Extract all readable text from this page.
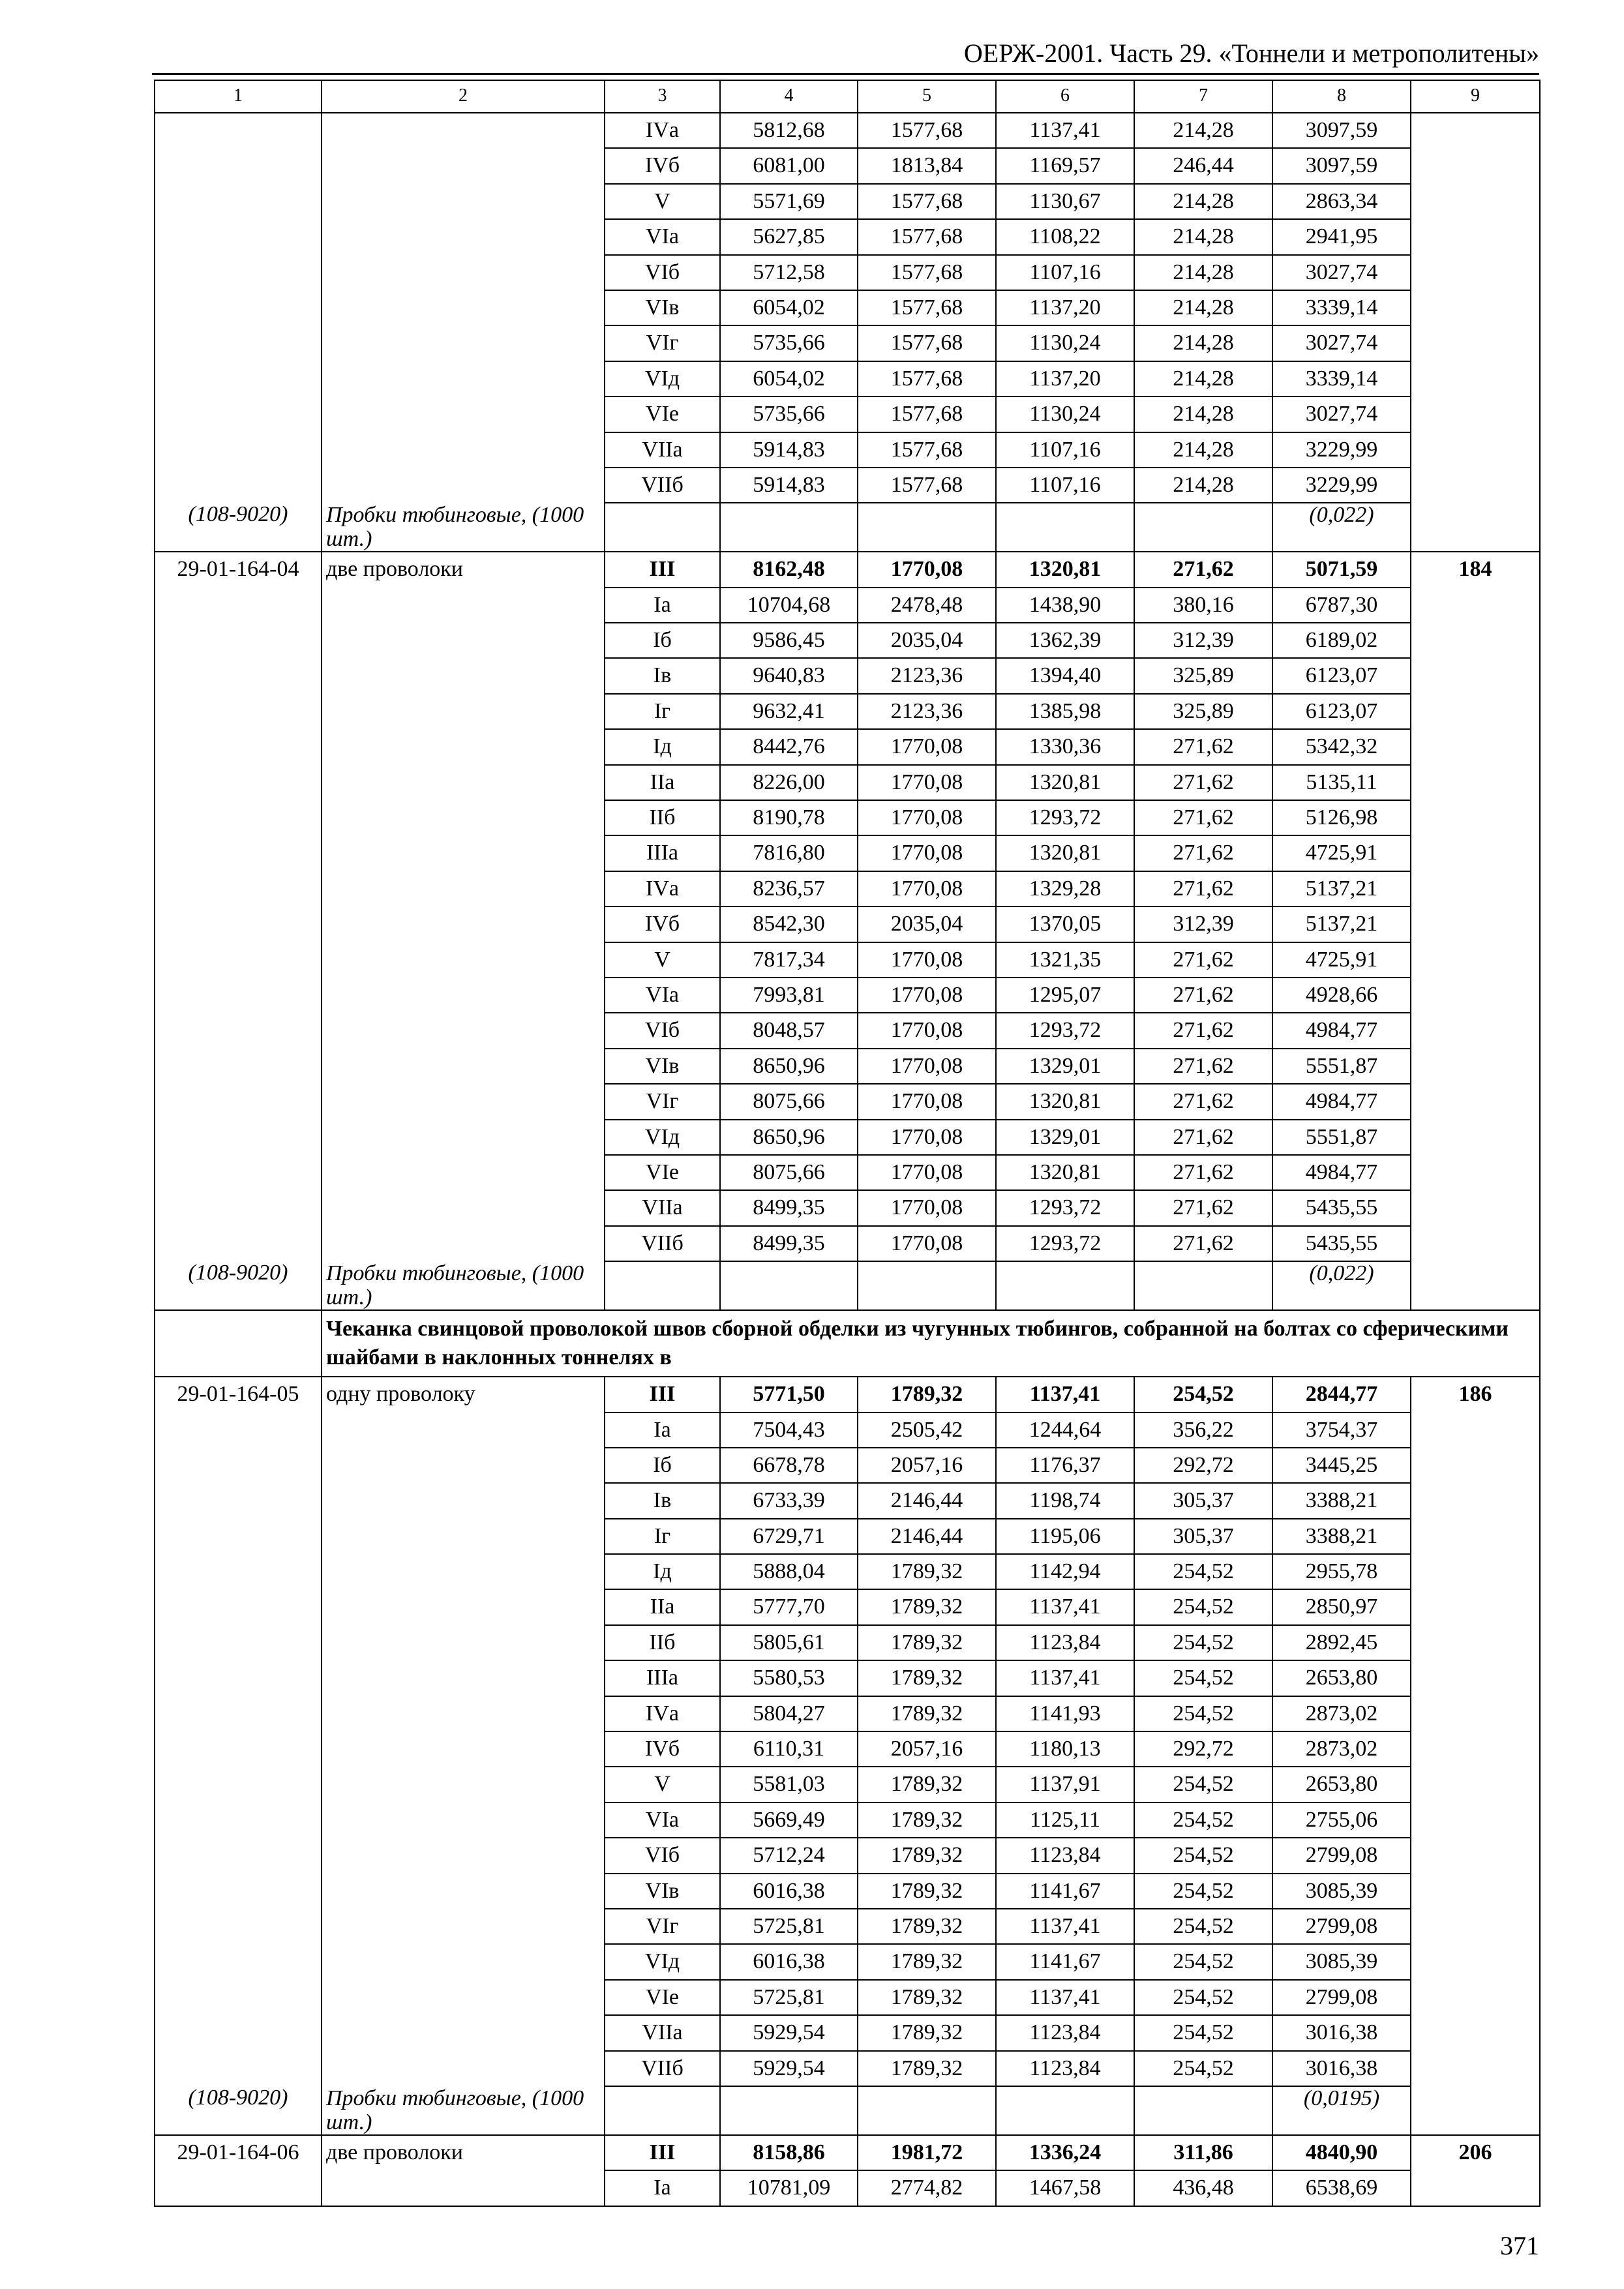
ОЕРЖ-2001. Часть 29. «Тоннели и метрополитены»
1	2	3	4	5	6	7	8	9
		IVа	5812,68	1577,68	1137,41	214,28	3097,59	
		IVб	6081,00	1813,84	1169,57	246,44	3097,59	
		V	5571,69	1577,68	1130,67	214,28	2863,34	
		VIа	5627,85	1577,68	1108,22	214,28	2941,95	
		VIб	5712,58	1577,68	1107,16	214,28	3027,74	
		VIв	6054,02	1577,68	1137,20	214,28	3339,14	
		VIг	5735,66	1577,68	1130,24	214,28	3027,74	
		VIд	6054,02	1577,68	1137,20	214,28	3339,14	
		VIе	5735,66	1577,68	1130,24	214,28	3027,74	
		VIIа	5914,83	1577,68	1107,16	214,28	3229,99	
		VIIб	5914,83	1577,68	1107,16	214,28	3229,99	
(108-9020)	Пробки тюбинговые, (1000 шт.)						(0,022)	
29-01-164-04	две проволоки	III	8162,48	1770,08	1320,81	271,62	5071,59	184
		Iа	10704,68	2478,48	1438,90	380,16	6787,30	
		Iб	9586,45	2035,04	1362,39	312,39	6189,02	
		Iв	9640,83	2123,36	1394,40	325,89	6123,07	
		Iг	9632,41	2123,36	1385,98	325,89	6123,07	
		Iд	8442,76	1770,08	1330,36	271,62	5342,32	
		IIа	8226,00	1770,08	1320,81	271,62	5135,11	
		IIб	8190,78	1770,08	1293,72	271,62	5126,98	
		IIIа	7816,80	1770,08	1320,81	271,62	4725,91	
		IVа	8236,57	1770,08	1329,28	271,62	5137,21	
		IVб	8542,30	2035,04	1370,05	312,39	5137,21	
		V	7817,34	1770,08	1321,35	271,62	4725,91	
		VIа	7993,81	1770,08	1295,07	271,62	4928,66	
		VIб	8048,57	1770,08	1293,72	271,62	4984,77	
		VIв	8650,96	1770,08	1329,01	271,62	5551,87	
		VIг	8075,66	1770,08	1320,81	271,62	4984,77	
		VIд	8650,96	1770,08	1329,01	271,62	5551,87	
		VIе	8075,66	1770,08	1320,81	271,62	4984,77	
		VIIа	8499,35	1770,08	1293,72	271,62	5435,55	
		VIIб	8499,35	1770,08	1293,72	271,62	5435,55	
(108-9020)	Пробки тюбинговые, (1000 шт.)						(0,022)	
	Чеканка свинцовой проволокой швов сборной обделки из чугунных тюбингов, собранной на болтах со сферическими шайбами в наклонных тоннелях в							
29-01-164-05	одну проволоку	III	5771,50	1789,32	1137,41	254,52	2844,77	186
		Iа	7504,43	2505,42	1244,64	356,22	3754,37	
		Iб	6678,78	2057,16	1176,37	292,72	3445,25	
		Iв	6733,39	2146,44	1198,74	305,37	3388,21	
		Iг	6729,71	2146,44	1195,06	305,37	3388,21	
		Iд	5888,04	1789,32	1142,94	254,52	2955,78	
		IIа	5777,70	1789,32	1137,41	254,52	2850,97	
		IIб	5805,61	1789,32	1123,84	254,52	2892,45	
		IIIа	5580,53	1789,32	1137,41	254,52	2653,80	
		IVа	5804,27	1789,32	1141,93	254,52	2873,02	
		IVб	6110,31	2057,16	1180,13	292,72	2873,02	
		V	5581,03	1789,32	1137,91	254,52	2653,80	
		VIа	5669,49	1789,32	1125,11	254,52	2755,06	
		VIб	5712,24	1789,32	1123,84	254,52	2799,08	
		VIв	6016,38	1789,32	1141,67	254,52	3085,39	
		VIг	5725,81	1789,32	1137,41	254,52	2799,08	
		VIд	6016,38	1789,32	1141,67	254,52	3085,39	
		VIе	5725,81	1789,32	1137,41	254,52	2799,08	
		VIIа	5929,54	1789,32	1123,84	254,52	3016,38	
		VIIб	5929,54	1789,32	1123,84	254,52	3016,38	
(108-9020)	Пробки тюбинговые, (1000 шт.)						(0,0195)	
29-01-164-06	две проволоки	III	8158,86	1981,72	1336,24	311,86	4840,90	206
		Iа	10781,09	2774,82	1467,58	436,48	6538,69	
371
